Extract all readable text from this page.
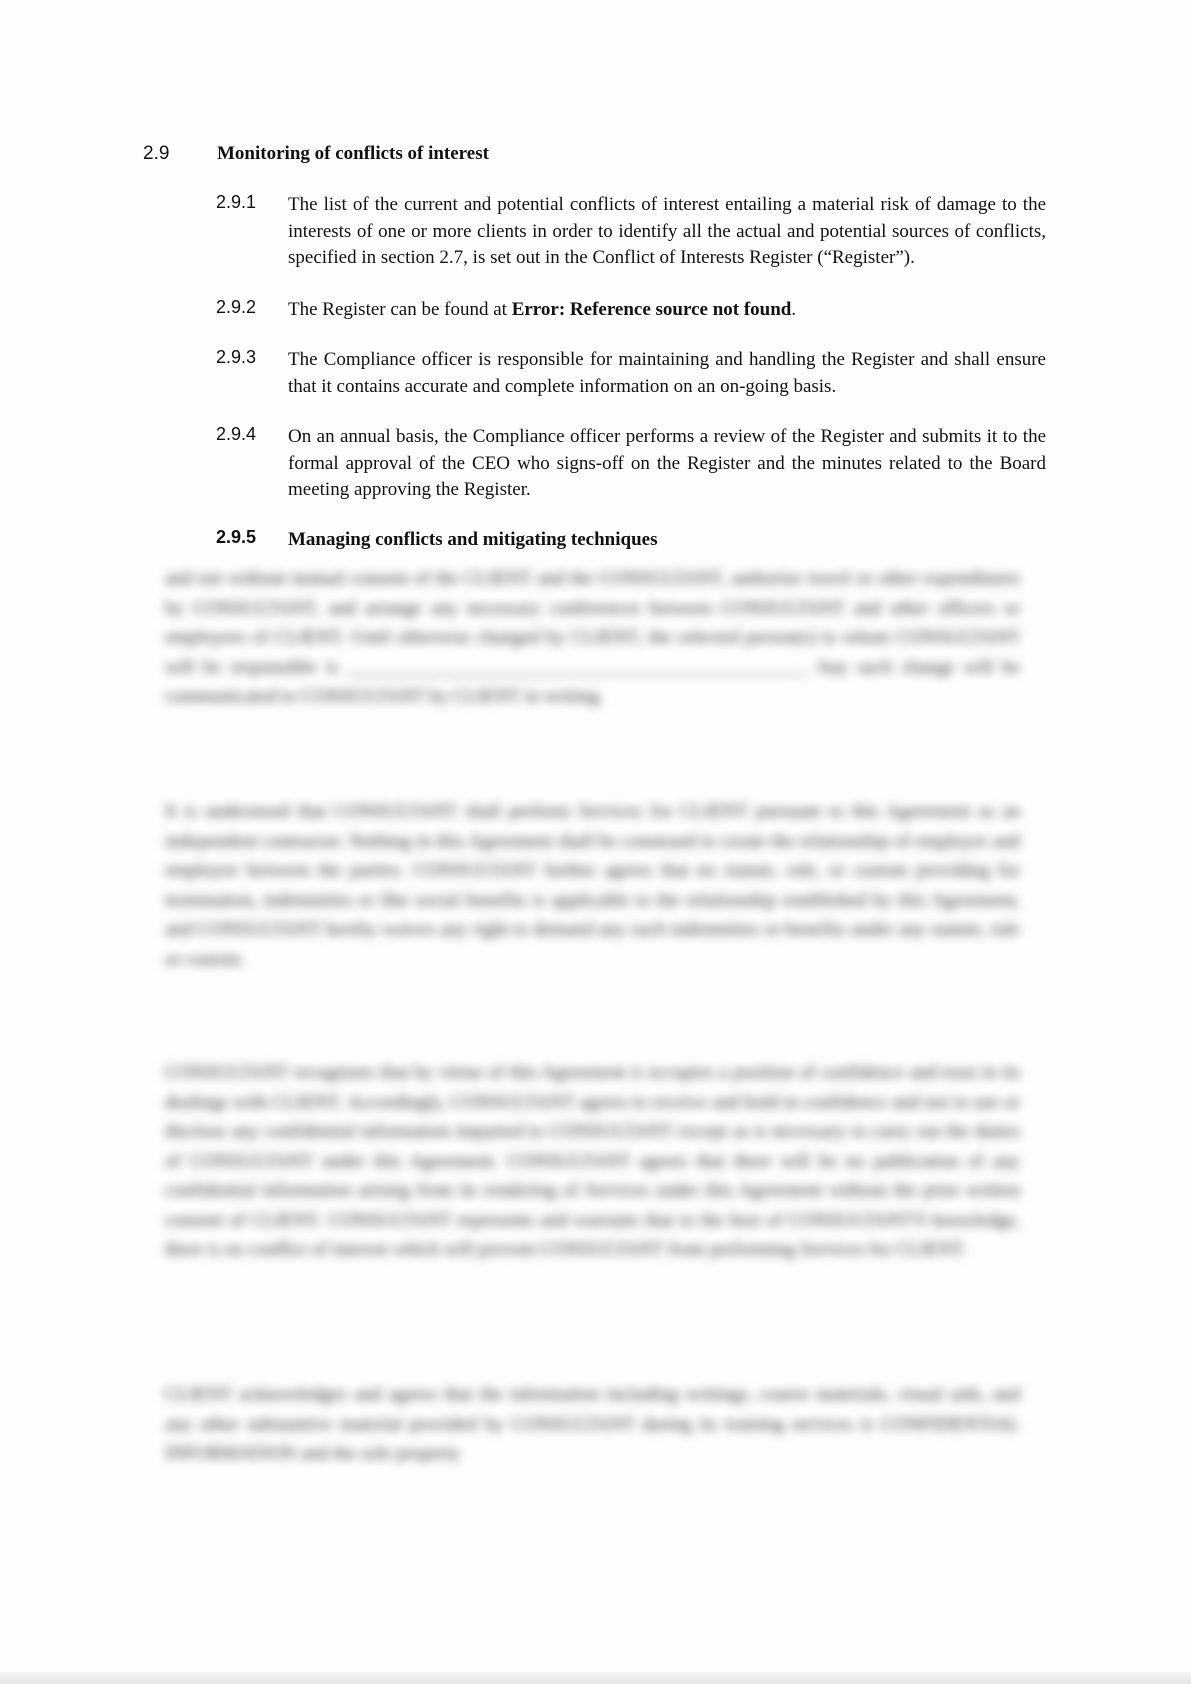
2.9	Monitoring of conflicts of interest
2.9.1 The list of the current and potential conflicts of interest entailing a material risk of damage to the interests of one or more clients in order to identify all the actual and potential sources of conflicts, specified in section 2.7, is set out in the Conflict of Interests Register (“Register”).
2.9.2 The Register can be found at Error: Reference source not found.
2.9.3 The Compliance officer is responsible for maintaining and handling the Register and shall ensure that it contains accurate and complete information on an on-going basis.
2.9.4 On an annual basis, the Compliance officer performs a review of the Register and submits it to the formal approval of the CEO who signs-off on the Register and the minutes related to the Board meeting approving the Register.
2.9.5 Managing conflicts and mitigating techniques
and not without mutual consent of the CLIENT and the CONSULTANT, authorize travel or other expenditures by CONSULTANT, and arrange any necessary conferences between CONSULTANT and other officers or employees of CLIENT. Until otherwise changed by CLIENT, the selected person(s) to whom CONSULTANT will be responsible is ________________________________________________. Any such change will be communicated to CONSULTANT by CLIENT in writing.
It is understood that CONSULTANT shall perform Services for CLIENT pursuant to this Agreement as an independent contractor. Nothing in this Agreement shall be construed to create the relationship of employer and employee between the parties. CONSULTANT further agrees that no statute, rule, or custom providing for termination, indemnities or like social benefits is applicable to the relationship established by this Agreement, and CONSULTANT hereby waives any right to demand any such indemnities or benefits under any statute, rule or custom.
CONSULTANT recognizes that by virtue of this Agreement it occupies a position of confidence and trust in its dealings with CLIENT. Accordingly, CONSULTANT agrees to receive and hold in confidence and not to use or disclose any confidential information imparted to CONSULTANT except as is necessary to carry out the duties of CONSULTANT under this Agreement. CONSULTANT agrees that there will be no publication of any confidential information arising from its rendering of Services under this Agreement without the prior written consent of CLIENT. CONSULTANT represents and warrants that to the best of CONSULTANT'S knowledge, there is no conflict of interest which will prevent CONSULTANT from performing Services for CLIENT.
CLIENT acknowledges and agrees that the information including writings, course materials, visual aids, and any other substantive material provided by CONSULTANT during its training services is CONFIDENTIAL INFORMATION and the sole property
